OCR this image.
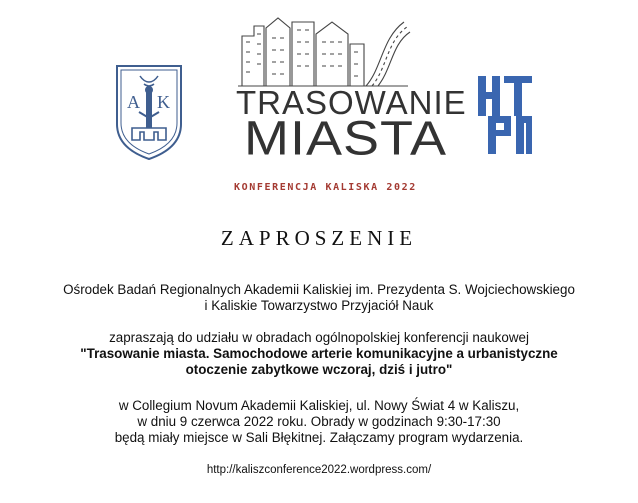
A K TRASOWANIE
MIASTA
KONFERENCJA KALISKA 2022
ZAPROSZENIE
Ośrodek Badań Regionalnych Akademii Kaliskiej im. Prezydenta S. Wojciechowskiego
i Kaliskie Towarzystwo Przyjaciół Nauk
zapraszają do udziału w obradach ogólnopolskiej konferencji naukowej
"Trasowanie miasta. Samochodowe arterie komunikacyjne a urbanistyczne
otoczenie zabytkowe wczoraj, dziś i jutro"
w Collegium Novum Akademii Kaliskiej, ul. Nowy Świat 4 w Kaliszu,
w dniu 9 czerwca 2022 roku. Obrady w godzinach 9:30-17:30
będą miały miejsce w Sali Błękitnej. Załączamy program wydarzenia.
http://kaliszconference2022.wordpress.com/
